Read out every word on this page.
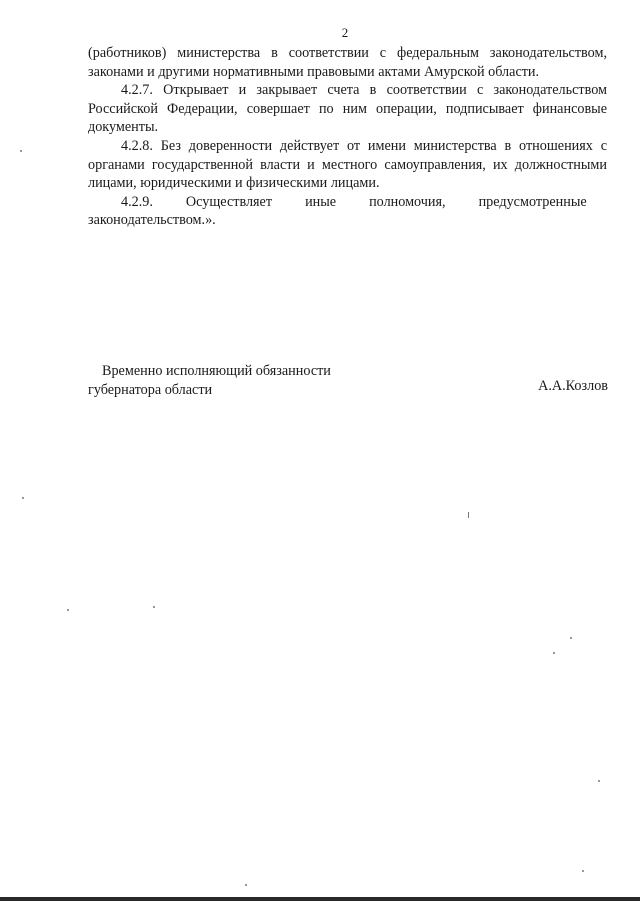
2

(работников) министерства в соответствии с федеральным законодательством, законами и другими нормативными правовыми актами Амурской области.

4.2.7. Открывает и закрывает счета в соответствии с законодательством Российской Федерации, совершает по ним операции, подписывает финансовые документы.

4.2.8. Без доверенности действует от имени министерства в отношениях с органами государственной власти и местного самоуправления, их должностными лицами, юридическими и физическими лицами.

4.2.9.	Осуществляет	иные	полномочия,	предусмотренные

законодательством.».

Временно исполняющий обязанности
губернатора области	А.А.Козлов
